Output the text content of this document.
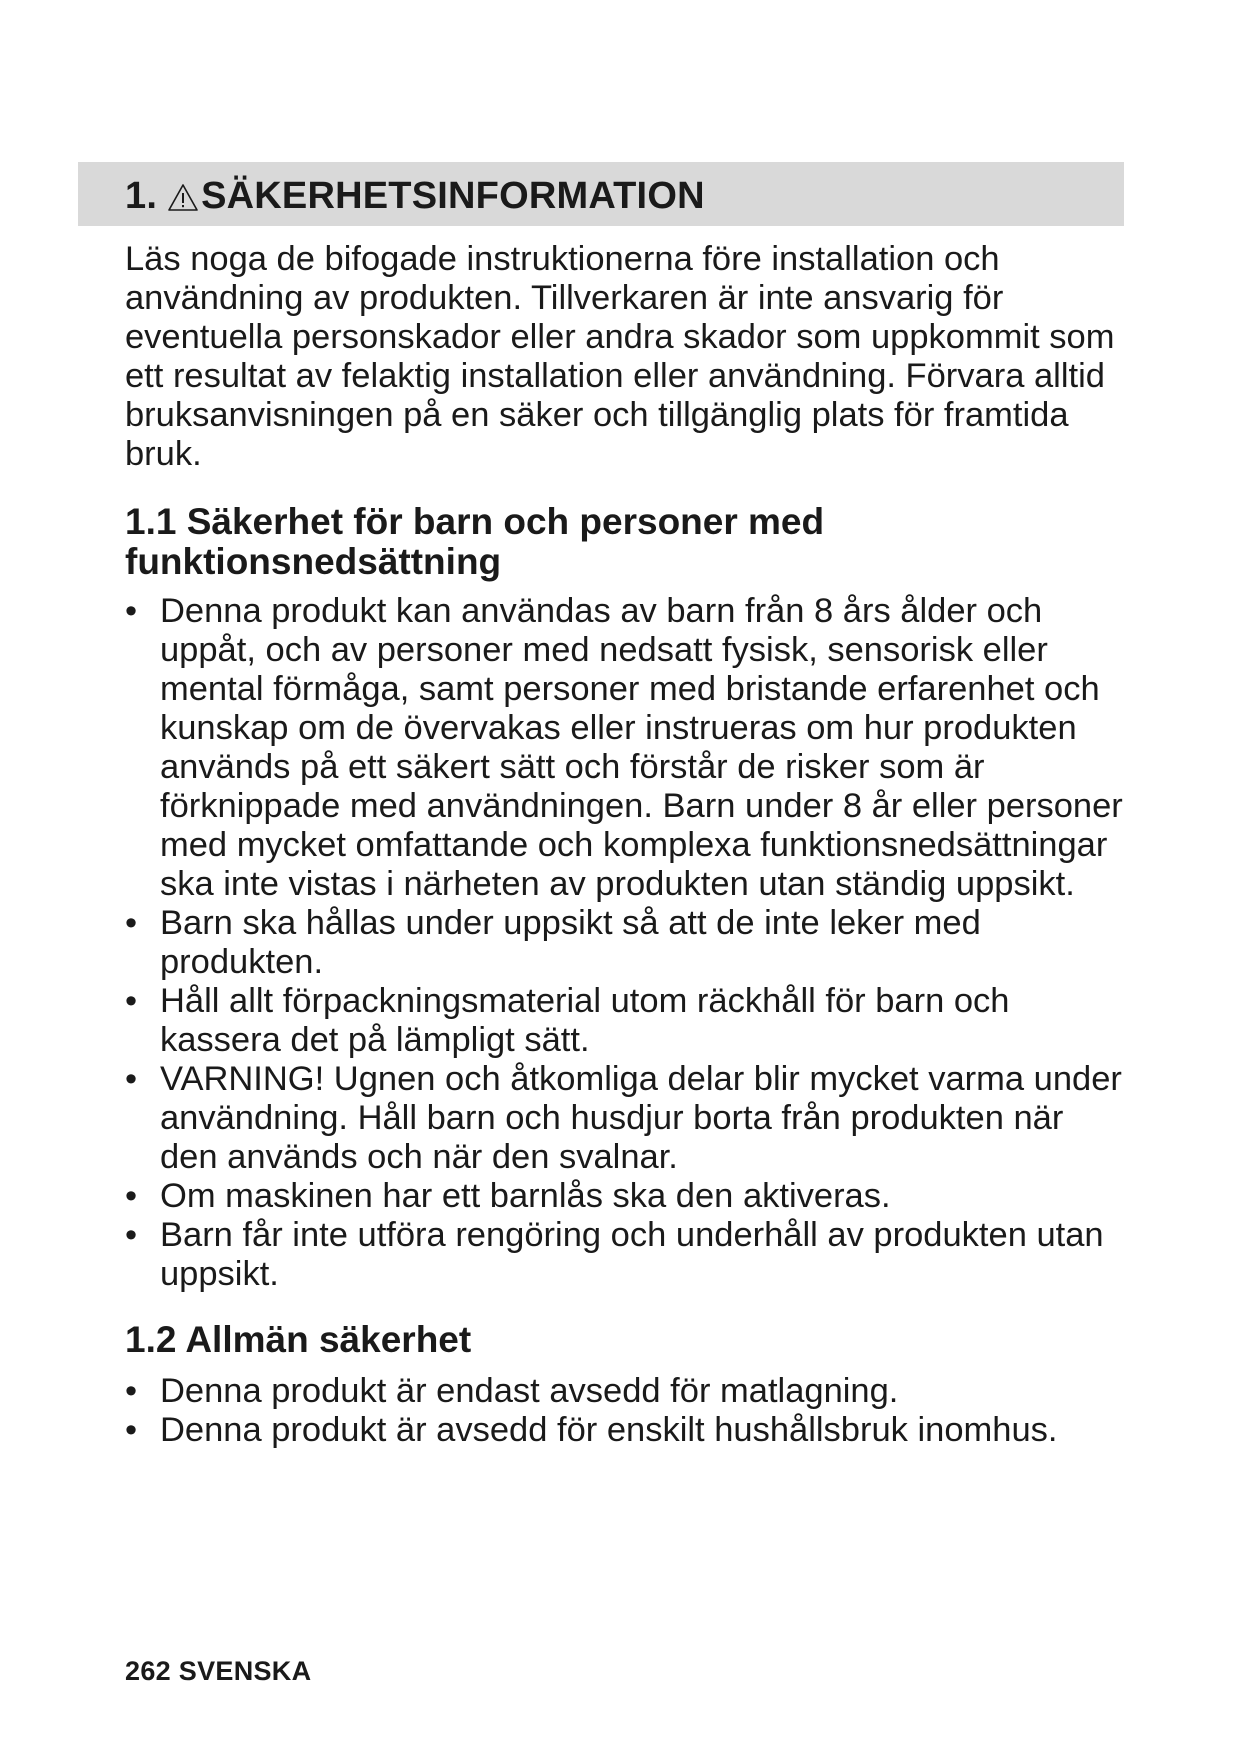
1. SÄKERHETSINFORMATION

Läs noga de bifogade instruktionerna före installation och användning av produkten. Tillverkaren är inte ansvarig för eventuella personskador eller andra skador som uppkommit som ett resultat av felaktig installation eller användning. Förvara alltid bruksanvisningen på en säker och tillgänglig plats för framtida bruk.

1.1 Säkerhet för barn och personer med funktionsnedsättning
• Denna produkt kan användas av barn från 8 års ålder och uppåt, och av personer med nedsatt fysisk, sensorisk eller mental förmåga, samt personer med bristande erfarenhet och kunskap om de övervakas eller instrueras om hur produkten används på ett säkert sätt och förstår de risker som är förknippade med användningen. Barn under 8 år eller personer med mycket omfattande och komplexa funktionsnedsättningar ska inte vistas i närheten av produkten utan ständig uppsikt.
• Barn ska hållas under uppsikt så att de inte leker med produkten.
• Håll allt förpackningsmaterial utom räckhåll för barn och kassera det på lämpligt sätt.
• VARNING! Ugnen och åtkomliga delar blir mycket varma under användning. Håll barn och husdjur borta från produkten när den används och när den svalnar.
• Om maskinen har ett barnlås ska den aktiveras.
• Barn får inte utföra rengöring och underhåll av produkten utan uppsikt.
1.2 Allmän säkerhet
• Denna produkt är endast avsedd för matlagning.
• Denna produkt är avsedd för enskilt hushållsbruk inomhus.
262 SVENSKA
